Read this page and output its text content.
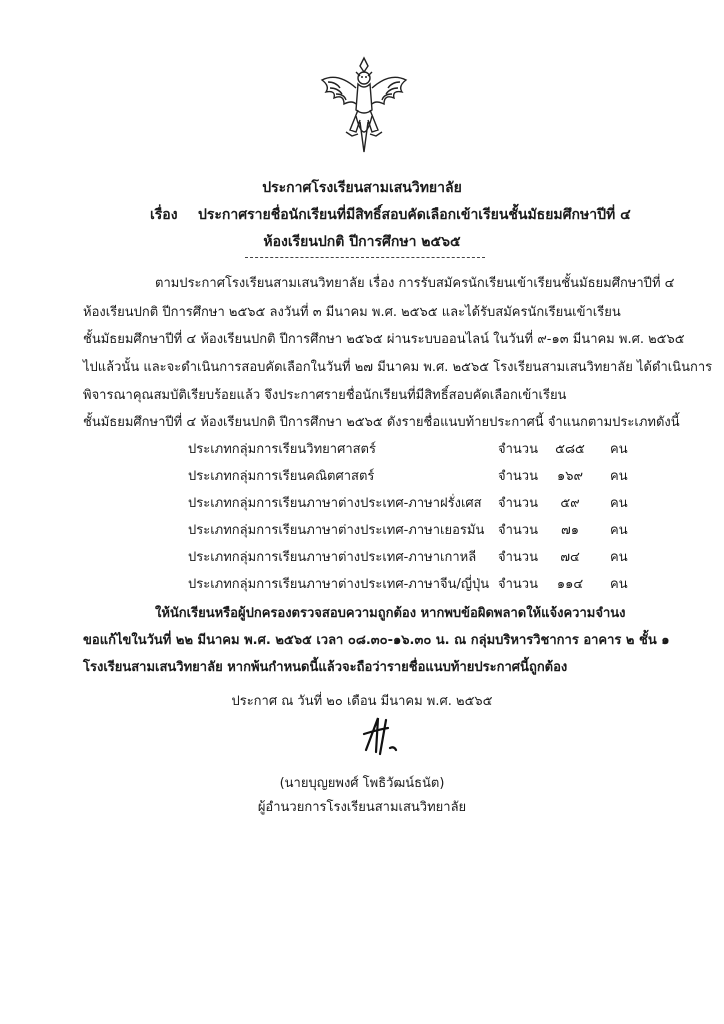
ประกาศโรงเรียนสามเสนวิทยาลัย
เรื่อง ประกาศรายชื่อนักเรียนที่มีสิทธิ์สอบคัดเลือกเข้าเรียนชั้นมัธยมศึกษาปีที่ ๔
ห้องเรียนปกติ ปีการศึกษา ๒๕๖๕
ตามประกาศโรงเรียนสามเสนวิทยาลัย เรื่อง การรับสมัครนักเรียนเข้าเรียนชั้นมัธยมศึกษาปีที่ ๔
ห้องเรียนปกติ ปีการศึกษา ๒๕๖๕ ลงวันที่ ๓ มีนาคม พ.ศ. ๒๕๖๕ และได้รับสมัครนักเรียนเข้าเรียน
ชั้นมัธยมศึกษาปีที่ ๔ ห้องเรียนปกติ ปีการศึกษา ๒๕๖๕ ผ่านระบบออนไลน์ ในวันที่ ๙-๑๓ มีนาคม พ.ศ. ๒๕๖๕
ไปแล้วนั้น และจะดำเนินการสอบคัดเลือกในวันที่ ๒๗ มีนาคม พ.ศ. ๒๕๖๕ โรงเรียนสามเสนวิทยาลัย ได้ดำเนินการ
พิจารณาคุณสมบัติเรียบร้อยแล้ว จึงประกาศรายชื่อนักเรียนที่มีสิทธิ์สอบคัดเลือกเข้าเรียน
ชั้นมัธยมศึกษาปีที่ ๔ ห้องเรียนปกติ ปีการศึกษา ๒๕๖๕ ดังรายชื่อแนบท้ายประกาศนี้ จำแนกตามประเภทดังนี้
ประเภทกลุ่มการเรียนวิทยาศาสตร์	จำนวน	๕๘๕	คน
ประเภทกลุ่มการเรียนคณิตศาสตร์	จำนวน	๑๖๙	คน
ประเภทกลุ่มการเรียนภาษาต่างประเทศ-ภาษาฝรั่งเศส จำนวน	๕๙	คน
ประเภทกลุ่มการเรียนภาษาต่างประเทศ-ภาษาเยอรมัน จำนวน	๗๑	คน
ประเภทกลุ่มการเรียนภาษาต่างประเทศ-ภาษาเกาหลี จำนวน	๗๔	คน
ประเภทกลุ่มการเรียนภาษาต่างประเทศ-ภาษาจีน/ญี่ปุ่น จำนวน	๑๑๔	คน
ให้นักเรียนหรือผู้ปกครองตรวจสอบความถูกต้อง หากพบข้อผิดพลาดให้แจ้งความจำนง
ขอแก้ไขในวันที่ ๒๒ มีนาคม พ.ศ. ๒๕๖๕ เวลา ๐๘.๓๐-๑๖.๓๐ น. ณ กลุ่มบริหารวิชาการ อาคาร ๒ ชั้น ๑
โรงเรียนสามเสนวิทยาลัย หากพ้นกำหนดนี้แล้วจะถือว่ารายชื่อแนบท้ายประกาศนี้ถูกต้อง
ประกาศ ณ วันที่ ๒๐ เดือน มีนาคม พ.ศ. ๒๕๖๕
(นายบุญยพงศ์ โพธิวัฒน์ธนัต)
ผู้อำนวยการโรงเรียนสามเสนวิทยาลัย
